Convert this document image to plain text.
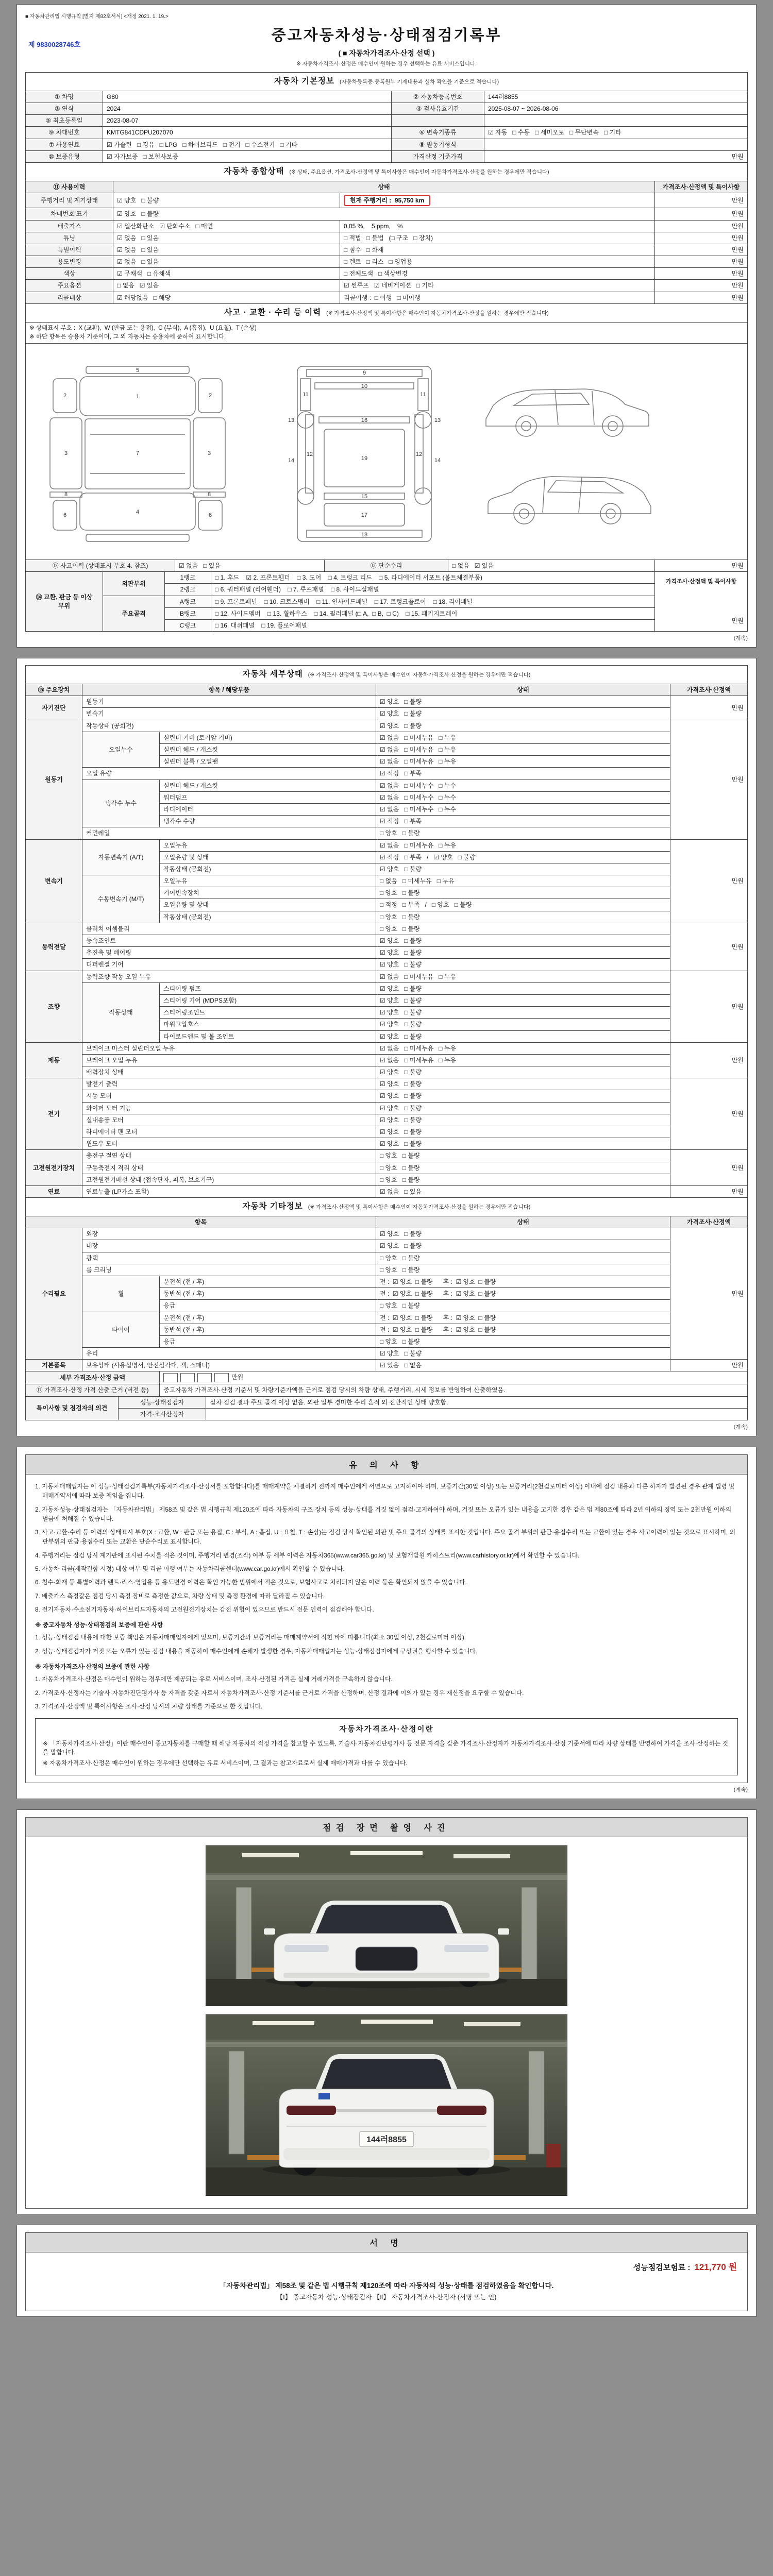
■ 자동차관리법 시행규칙 [별지 제82호서식] <개정 2021. 1. 19.>
제 9830028746호
중고자동차성능·상태점검기록부
( ■ 자동차가격조사·산정 선택 )
※ 자동차가격조사·산정은 매수인이 원하는 경우 선택하는 유료 서비스입니다.
자동차 기본정보 (자동차등록증·등록원부 기재내용과 실차 확인을 기준으로 적습니다)			
① 차명	G80	② 자동차등록번호	144러8855
③ 연식	2024	④ 검사유효기간	2025-08-07 ~ 2026-08-06
⑤ 최초등록일	2023-08-07		
⑨ 차대번호	KMTG841CDPU207070	⑥ 변속기종류	☑ 자동   □ 수동   □ 세미오토   □ 무단변속   □ 기타
⑦ 사용연료	☑ 가솔린   □ 경유   □ LPG   □ 하이브리드   □ 전기   □ 수소전기   □ 기타	⑧ 원동기형식	
⑩ 보증유형	☑ 자가보증   □ 보험사보증	가격산정 기준가격	만원
자동차 종합상태 (※ 상태, 주요옵션, 가격조사·산정액 및 특이사항은 매수인이 자동차가격조사·산정을 원하는 경우에만 적습니다)			
⑪ 사용이력	상태		가격조사·산정액 및 특이사항
주행거리 및 계기상태	☑ 양호   □ 불량	현재 주행거리 :  95,750 km	만원
차대번호 표기	☑ 양호   □ 불량		만원
배출가스	☑ 일산화탄소   ☑ 탄화수소   □ 매연	0.05 %,    5 ppm,    %	만원
튜닝	☑ 없음   □ 있음	□ 적법   □ 불법   (□ 구조   □ 장치)	만원
특별이력	☑ 없음   □ 있음	□ 침수   □ 화재	만원
용도변경	☑ 없음   □ 있음	□ 렌트   □ 리스   □ 영업용	만원
색상	☑ 무채색   □ 유채색	□ 전체도색   □ 색상변경	만원
주요옵션	□ 없음   ☑ 있음	☑ 썬루프   ☑ 네비게이션   □ 기타	만원
리콜대상	☑ 해당없음   □ 해당	리콜이행 :  □ 이행   □ 미이행	만원
사고 · 교환 · 수리 등 이력 (※ 가격조사·산정액 및 특이사항은 매수인이 자동차가격조사·산정을 원하는 경우에만 적습니다)

※ 상태표시 부호 :  X (교환),  W (판금 또는 용접),  C (부식),  A (흠집),  U (요철),  T (손상)
※ 하단 항목은 승용차 기준이며, 그 외 자동차는 승용차에 준하여 표시합니다.

5
1
2	2
7
3	3
8	8
6	6
4
9
10
11	11
12	12
13	13
16
19
14	14
15
17
18

⑫ 사고이력 (상태표시 부호 4. 참조)	☑ 없음   □ 있음	⑬ 단순수리	□ 없음   ☑ 있음	만원
⑭ 교환, 판금 등 이상 부위	외판부위	1랭크	□ 1. 후드    ☑ 2. 프론트휀더    □ 3. 도어    □ 4. 트렁크 리드    □ 5. 라디에이터 서포트 (볼트체결부품)	가격조사·산정액 및 특이사항
만원

		2랭크	□ 6. 쿼터패널 (리어휀더)    □ 7. 루프패널    □ 8. 사이드실패널	
	주요골격	A랭크	□ 9. 프론트패널    □ 10. 크로스멤버    □ 11. 인사이드패널    □ 17. 트렁크플로어    □ 18. 리어패널	
		B랭크	□ 12. 사이드멤버    □ 13. 휠하우스    □ 14. 필러패널 (□ A,  □ B,  □ C)    □ 15. 패키지트레이	
		C랭크	□ 16. 대쉬패널    □ 19. 플로어패널	
(계속)
자동차 세부상태 (※ 가격조사·산정액 및 특이사항은 매수인이 자동차가격조사·산정을 원하는 경우에만 적습니다)				
⑮ 주요장치	항목 / 해당부품		상태	가격조사·산정액
자기진단	원동기		☑ 양호   □ 불량	만원
	변속기		☑ 양호   □ 불량	
원동기	작동상태 (공회전)		☑ 양호   □ 불량	만원
	오일누수	실린더 커버 (로커암 커버)	☑ 없음   □ 미세누유   □ 누유	
		실린더 헤드 / 개스킷	☑ 없음   □ 미세누유   □ 누유	
		실린더 블록 / 오일팬	☑ 없음   □ 미세누유   □ 누유	
	오일 유량		☑ 적정   □ 부족	
	냉각수 누수	실린더 헤드 / 개스킷	☑ 없음   □ 미세누수   □ 누수	
		워터펌프	☑ 없음   □ 미세누수   □ 누수	
		라디에이터	☑ 없음   □ 미세누수   □ 누수	
		냉각수 수량	☑ 적정   □ 부족	
	커먼레일		□ 양호   □ 불량	
변속기	자동변속기 (A/T)	오일누유	☑ 없음   □ 미세누유   □ 누유	만원
		오일유량 및 상태	☑ 적정   □ 부족   /   ☑ 양호   □ 불량	
		작동상태 (공회전)	☑ 양호   □ 불량	
	수동변속기 (M/T)	오일누유	□ 없음   □ 미세누유   □ 누유	
		기어변속장치	□ 양호   □ 불량	
		오일유량 및 상태	□ 적정   □ 부족   /   □ 양호   □ 불량	
		작동상태 (공회전)	□ 양호   □ 불량	
동력전달	클러치 어셈블리		□ 양호   □ 불량	만원
	등속조인트		☑ 양호   □ 불량	
	추진축 및 베어링		☑ 양호   □ 불량	
	디퍼렌셜 기어		☑ 양호   □ 불량	
조향	동력조향 작동 오일 누유		☑ 없음   □ 미세누유   □ 누유	만원
	작동상태	스티어링 펌프	☑ 양호   □ 불량	
		스티어링 기어 (MDPS포함)	☑ 양호   □ 불량	
		스티어링조인트	☑ 양호   □ 불량	
		파워고압호스	☑ 양호   □ 불량	
		타이로드엔드 및 볼 조인트	☑ 양호   □ 불량	
제동	브레이크 마스터 실린더오일 누유		☑ 없음   □ 미세누유   □ 누유	만원
	브레이크 오일 누유		☑ 없음   □ 미세누유   □ 누유	
	배력장치 상태		☑ 양호   □ 불량	
전기	발전기 출력		☑ 양호   □ 불량	만원
	시동 모터		☑ 양호   □ 불량	
	와이퍼 모터 기능		☑ 양호   □ 불량	
	실내송풍 모터		☑ 양호   □ 불량	
	라디에이터 팬 모터		☑ 양호   □ 불량	
	윈도우 모터		☑ 양호   □ 불량	
고전원전기장치	충전구 절연 상태		□ 양호   □ 불량	만원
	구동축전지 격리 상태		□ 양호   □ 불량	
	고전원전기배선 상태 (접속단자, 피복, 보호기구)		□ 양호   □ 불량	
연료	연료누출 (LP가스 포함)		☑ 없음   □ 있음	만원
자동차 기타정보 (※ 가격조사·산정액 및 특이사항은 매수인이 자동차가격조사·산정을 원하는 경우에만 적습니다)				
항목			상태	가격조사·산정액
수리필요	외장		☑ 양호   □ 불량	만원
	내장		☑ 양호   □ 불량	
	광택		□ 양호   □ 불량	
	룸 크리닝		□ 양호   □ 불량	
	휠	운전석 (전 / 후)	전 :  ☑ 양호  □ 불량      후 :  ☑ 양호  □ 불량	
		동반석 (전 / 후)	전 :  ☑ 양호  □ 불량      후 :  ☑ 양호  □ 불량	
		응급	□ 양호   □ 불량	
	타이어	운전석 (전 / 후)	전 :  ☑ 양호  □ 불량      후 :  ☑ 양호  □ 불량	
		동반석 (전 / 후)	전 :  ☑ 양호  □ 불량      후 :  ☑ 양호  □ 불량	
		응급	□ 양호   □ 불량	
	유리		☑ 양호   □ 불량	
기본품목	보유상태 (사용설명서, 안전삼각대, 잭, 스패너)		☑ 있음   □ 없음	만원
세부 가격조사·산정 금액	만원
⑰ 가격조사·산정 가격 산출 근거 (버전 등)	중고자동차 가격조사·산정 기준서 및 차량기준가액을 근거로 점검 당시의 차량 상태, 주행거리, 시세 정보를 반영하여 산출하였음.
특이사항 및 점검자의 의견	성능·상태점검자	실차 점검 결과 주요 골격 이상 없음. 외판 일부 경미한 수리 흔적 외 전반적인 상태 양호함.
	가격·조사산정자	
(계속)
유 의 사 항
1. 자동차매매업자는 이 성능·상태점검기록부(자동차가격조사·산정서를 포함합니다)를 매매계약을 체결하기 전까지 매수인에게 서면으로 고지하여야 하며, 보증기간(30일 이상) 또는 보증거리(2천킬로미터 이상) 이내에 점검 내용과 다른 하자가 발견된 경우 관계 법령 및 매매계약서에 따라 보증 책임을 집니다.
2. 자동차성능·상태점검자는 「자동차관리법」 제58조 및 같은 법 시행규칙 제120조에 따라 자동차의 구조·장치 등의 성능·상태를 거짓 없이 점검·고지하여야 하며, 거짓 또는 오류가 있는 내용을 고지한 경우 같은 법 제80조에 따라 2년 이하의 징역 또는 2천만원 이하의 벌금에 처해질 수 있습니다.
3. 사고·교환·수리 등 이력의 상태표시 부호(X : 교환, W : 판금 또는 용접, C : 부식, A : 흠집, U : 요철, T : 손상)는 점검 당시 확인된 외판 및 주요 골격의 상태를 표시한 것입니다. 주요 골격 부위의 판금·용접수리 또는 교환이 있는 경우 사고이력이 있는 것으로 표시하며, 외판부위의 판금·용접수리 또는 교환은 단순수리로 표시합니다.
4. 주행거리는 점검 당시 계기판에 표시된 수치를 적은 것이며, 주행거리 변경(조작) 여부 등 세부 이력은 자동차365(www.car365.go.kr) 및 보험개발원 카히스토리(www.carhistory.or.kr)에서 확인할 수 있습니다.
5. 자동차 리콜(제작결함 시정) 대상 여부 및 리콜 이행 여부는 자동차리콜센터(www.car.go.kr)에서 확인할 수 있습니다.
6. 침수·화재 등 특별이력과 렌트·리스·영업용 등 용도변경 이력은 확인 가능한 범위에서 적은 것으로, 보험사고로 처리되지 않은 이력 등은 확인되지 않을 수 있습니다.
7. 배출가스 측정값은 점검 당시 측정 장비로 측정한 값으로, 차량 상태 및 측정 환경에 따라 달라질 수 있습니다.
8. 전기자동차·수소전기자동차·하이브리드자동차의 고전원전기장치는 감전 위험이 있으므로 반드시 전문 인력이 점검해야 합니다.
※ 중고자동차 성능·상태점검의 보증에 관한 사항
1. 성능·상태점검 내용에 대한 보증 책임은 자동차매매업자에게 있으며, 보증기간과 보증거리는 매매계약서에 적힌 바에 따릅니다(최소 30일 이상, 2천킬로미터 이상).
2. 성능·상태점검자가 거짓 또는 오류가 있는 점검 내용을 제공하여 매수인에게 손해가 발생한 경우, 자동차매매업자는 성능·상태점검자에게 구상권을 행사할 수 있습니다.
※ 자동차가격조사·산정의 보증에 관한 사항
1. 자동차가격조사·산정은 매수인이 원하는 경우에만 제공되는 유료 서비스이며, 조사·산정된 가격은 실제 거래가격을 구속하지 않습니다.
2. 가격조사·산정자는 기술사·자동차진단평가사 등 자격을 갖춘 자로서 자동차가격조사·산정 기준서를 근거로 가격을 산정하며, 산정 결과에 이의가 있는 경우 재산정을 요구할 수 있습니다.
3. 가격조사·산정액 및 특이사항은 조사·산정 당시의 차량 상태를 기준으로 한 것입니다.
자동차가격조사·산정이란
※ 「자동차가격조사·산정」이란 매수인이 중고자동차를 구매할 때 해당 자동차의 적정 가격을 참고할 수 있도록, 기술사·자동차진단평가사 등 전문 자격을 갖춘 가격조사·산정자가 자동차가격조사·산정 기준서에 따라 차량 상태를 반영하여 가격을 조사·산정하는 것을 말합니다.
※ 자동차가격조사·산정은 매수인이 원하는 경우에만 선택하는 유료 서비스이며, 그 결과는 참고자료로서 실제 매매가격과 다를 수 있습니다.
(계속)
점검 장면 촬영 사진
144러8855
서 명
성능점검보험료 : 121,770 원
「자동차관리법」 제58조 및 같은 법 시행규칙 제120조에 따라 자동차의 성능·상태를 점검하였음을 확인합니다.
【Ⅰ】 중고자동차 성능·상태점검자 【Ⅱ】 자동차가격조사·산정자 (서명 또는 인)
